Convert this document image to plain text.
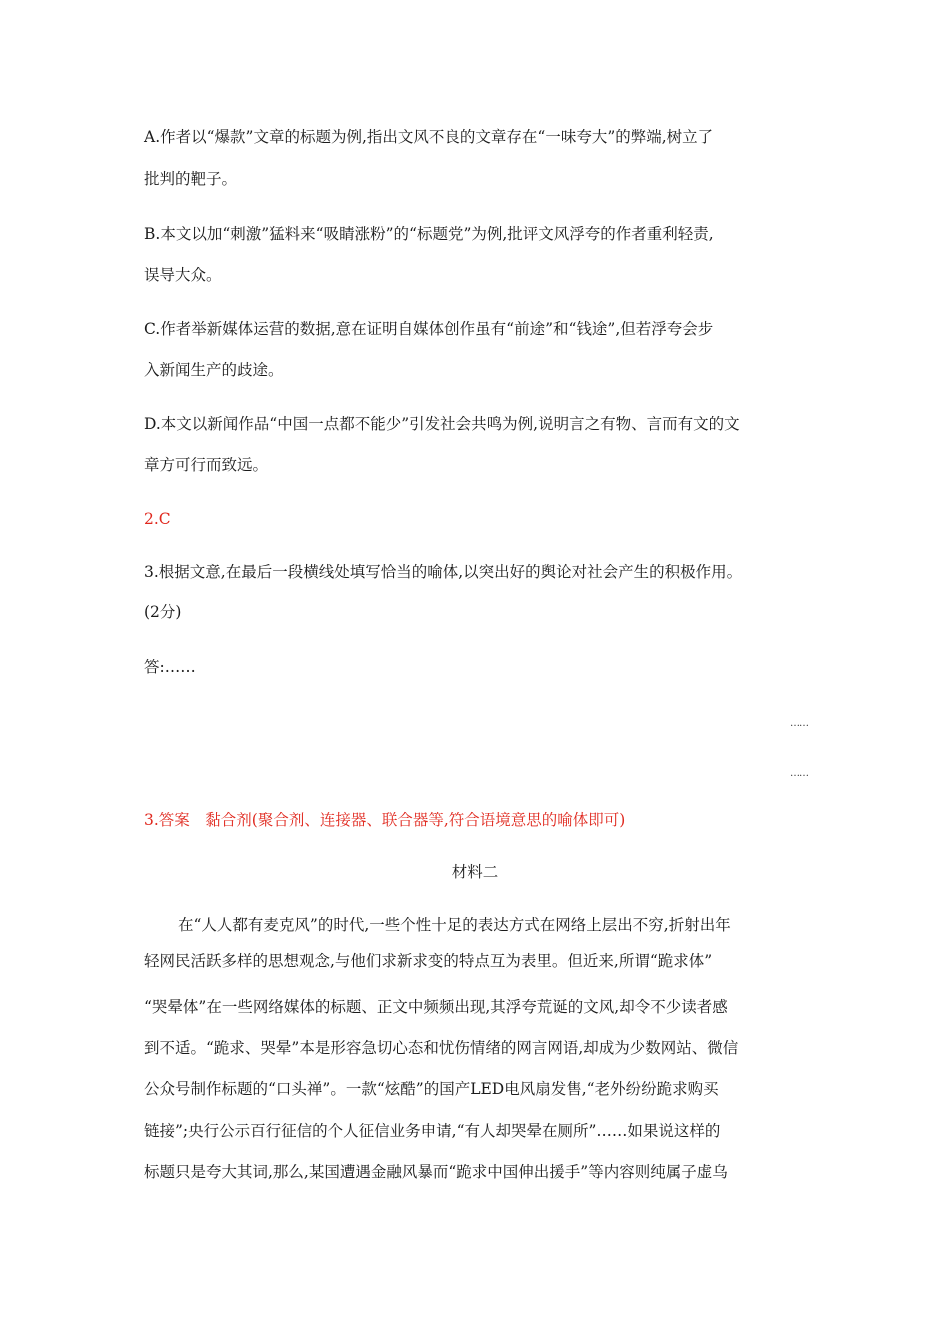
A.作者以“爆款”文章的标题为例,指出文风不良的文章存在“一味夸大”的弊端,树立了
批判的靶子。
B.本文以加“刺激”猛料来“吸睛涨粉”的“标题党”为例,批评文风浮夸的作者重利轻责,
误导大众。
C.作者举新媒体运营的数据,意在证明自媒体创作虽有“前途”和“钱途”,但若浮夸会步
入新闻生产的歧途。
D.本文以新闻作品“中国一点都不能少”引发社会共鸣为例,说明言之有物、言而有文的文
章方可行而致远。
2.C
3.根据文意,在最后一段横线处填写恰当的喻体,以突出好的舆论对社会产生的积极作用。
(2分)
答:……
……
……
3.答案　黏合剂(聚合剂、连接器、联合器等,符合语境意思的喻体即可)
材料二
在“人人都有麦克风”的时代,一些个性十足的表达方式在网络上层出不穷,折射出年
轻网民活跃多样的思想观念,与他们求新求变的特点互为表里。但近来,所谓“跪求体”
“哭晕体”在一些网络媒体的标题、正文中频频出现,其浮夸荒诞的文风,却令不少读者感
到不适。“跪求、哭晕”本是形容急切心态和忧伤情绪的网言网语,却成为少数网站、微信
公众号制作标题的“口头禅”。一款“炫酷”的国产LED电风扇发售,“老外纷纷跪求购买
链接”;央行公示百行征信的个人征信业务申请,“有人却哭晕在厕所”……如果说这样的
标题只是夸大其词,那么,某国遭遇金融风暴而“跪求中国伸出援手”等内容则纯属子虚乌
